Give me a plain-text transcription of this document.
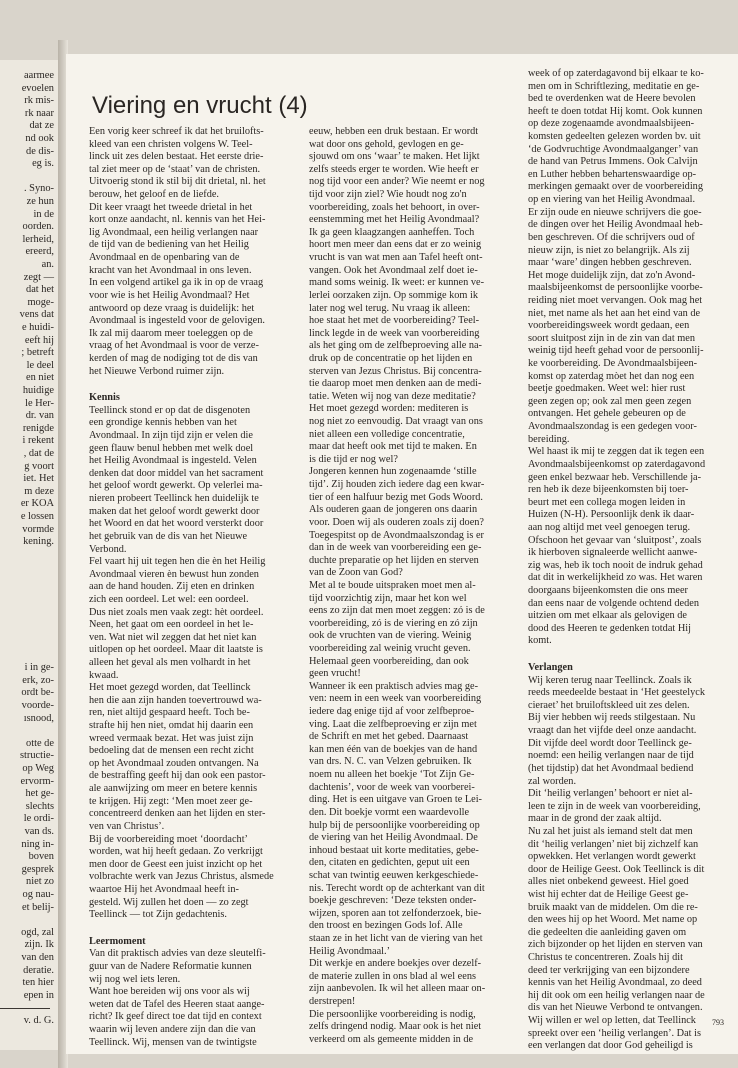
aarmee
evoelen
rk mis-
rk naar
dat ze
nd ook
de dis-
eg is.
. Syno-
ze hun
in de
oorden.
lerheid,
ereerd,
an.
zegt —
dat het
moge-
vens dat
e huidi-
eeft hij
; betreft
le deel
en niet
huidige
le Her-
dr. van
renigde
i rekent
, dat de
g voort
iet. Het
m deze
er KOA
e lossen
vormde
kening.
i in ge-
erk, zo-
ordt be-
voorde-
ısnood,
otte de
structie-
op Weg
ervorm-
het ge-
slechts
le ordi-
van ds.
ning in-
boven
gesprek
niet zo
og nau-
et belij-
ogd, zal
zijn. Ik
van den
deratie.
ten hier
epen in
v. d. G.
Viering en vrucht (4)
Een vorig keer schreef ik dat het bruilofts-
kleed van een christen volgens W. Teel-
linck uit zes delen bestaat. Het eerste drie-
tal ziet meer op de ‘staat’ van de christen.
Uitvoerig stond ik stil bij dit drietal, nl. het
berouw, het geloof en de liefde.
Dit keer vraagt het tweede drietal in het
kort onze aandacht, nl. kennis van het Hei-
lig Avondmaal, een heilig verlangen naar
de tijd van de bediening van het Heilig
Avondmaal en de openbaring van de
kracht van het Avondmaal in ons leven.
In een volgend artikel ga ik in op de vraag
voor wie is het Heilig Avondmaal? Het
antwoord op deze vraag is duidelijk: het
Avondmaal is ingesteld voor de gelovigen.
Ik zal mij daarom meer toeleggen op de
vraag of het Avondmaal is voor de verze-
kerden of mag de nodiging tot de dis van
het Nieuwe Verbond ruimer zijn.
Kennis
Teellinck stond er op dat de disgenoten
een grondige kennis hebben van het
Avondmaal. In zijn tijd zijn er velen die
geen flauw benul hebben met welk doel
het Heilig Avondmaal is ingesteld. Velen
denken dat door middel van het sacrament
het geloof wordt gewerkt. Op velerlei ma-
nieren probeert Teellinck hen duidelijk te
maken dat het geloof wordt gewerkt door
het Woord en dat het woord versterkt door
het gebruik van de dis van het Nieuwe
Verbond.
Fel vaart hij uit tegen hen die èn het Heilig
Avondmaal vieren èn bewust hun zonden
aan de hand houden. Zij eten en drinken
zich een oordeel. Let wel: een oordeel.
Dus niet zoals men vaak zegt: hèt oordeel.
Neen, het gaat om een oordeel in het le-
ven. Wat niet wil zeggen dat het niet kan
uitlopen op het oordeel. Maar dit laatste is
alleen het geval als men volhardt in het
kwaad.
Het moet gezegd worden, dat Teellinck
hen die aan zijn handen toevertrouwd wa-
ren, niet altijd gespaard heeft. Toch be-
strafte hij hen niet, omdat hij daarin een
wreed vermaak bezat. Het was juist zijn
bedoeling dat de mensen een recht zicht
op het Avondmaal zouden ontvangen. Na
de bestraffing geeft hij dan ook een pastor-
ale aanwijzing om meer en betere kennis
te krijgen. Hij zegt: ‘Men moet zeer ge-
concentreerd denken aan het lijden en ster-
ven van Christus’.
Bij de voorbereiding moet ‘doordacht’
worden, wat hij heeft gedaan. Zo verkrijgt
men door de Geest een juist inzicht op het
volbrachte werk van Jezus Christus, alsmede
waartoe Hij het Avondmaal heeft in-
gesteld. Wij zullen het doen — zo zegt
Teellinck — tot Zijn gedachtenis.
Leermoment
Van dit praktisch advies van deze sleutelfi-
guur van de Nadere Reformatie kunnen
wij nog wel iets leren.
Want hoe bereiden wij ons voor als wij
weten dat de Tafel des Heeren staat aange-
richt? Ik geef direct toe dat tijd en context
waarin wij leven andere zijn dan die van
Teellinck. Wij, mensen van de twintigste
eeuw, hebben een druk bestaan. Er wordt
wat door ons gehold, gevlogen en ge-
sjouwd om ons ‘waar’ te maken. Het lijkt
zelfs steeds erger te worden. Wie heeft er
nog tijd voor een ander? Wie neemt er nog
tijd voor zijn ziel? Wie houdt nog zo'n
voorbereiding, zoals het behoort, in over-
eenstemming met het Heilig Avondmaal?
Ik ga geen klaagzangen aanheffen. Toch
hoort men meer dan eens dat er zo weinig
vrucht is van wat men aan Tafel heeft ont-
vangen. Ook het Avondmaal zelf doet ie-
mand soms weinig. Ik weet: er kunnen ve-
lerlei oorzaken zijn. Op sommige kom ik
later nog wel terug. Nu vraag ik alleen:
hoe staat het met de voorbereiding? Teel-
linck legde in de week van voorbereiding
als het ging om de zelfbeproeving alle na-
druk op de concentratie op het lijden en
sterven van Jezus Christus. Bij concentra-
tie daarop moet men denken aan de medi-
tatie. Weten wij nog van deze meditatie?
Het moet gezegd worden: mediteren is
nog niet zo eenvoudig. Dat vraagt van ons
niet alleen een volledige concentratie,
maar dat heeft ook met tijd te maken. En
is die tijd er nog wel?
Jongeren kennen hun zogenaamde ‘stille
tijd’. Zij houden zich iedere dag een kwar-
tier of een halfuur bezig met Gods Woord.
Als ouderen gaan de jongeren ons daarin
voor. Doen wij als ouderen zoals zij doen?
Toegespitst op de Avondmaalszondag is er
dan in de week van voorbereiding een ge-
duchte preparatie op het lijden en sterven
van de Zoon van God?
Met al te boude uitspraken moet men al-
tijd voorzichtig zijn, maar het kon wel
eens zo zijn dat men moet zeggen: zó is de
voorbereiding, zó is de viering en zó zijn
ook de vruchten van de viering. Weinig
voorbereiding zal weinig vrucht geven.
Helemaal geen voorbereiding, dan ook
geen vrucht!
Wanneer ik een praktisch advies mag ge-
ven: neem in een week van voorbereiding
iedere dag enige tijd af voor zelfbeproe-
ving. Laat die zelfbeproeving er zijn met
de Schrift en met het gebed. Daarnaast
kan men één van de boekjes van de hand
van drs. N. C. van Velzen gebruiken. Ik
noem nu alleen het boekje ‘Tot Zijn Ge-
dachtenis’, voor de week van voorberei-
ding. Het is een uitgave van Groen te Lei-
den. Dit boekje vormt een waardevolle
hulp bij de persoonlijke voorbereiding op
de viering van het Heilig Avondmaal. De
inhoud bestaat uit korte meditaties, gebe-
den, citaten en gedichten, geput uit een
schat van twintig eeuwen kerkgeschiede-
nis. Terecht wordt op de achterkant van dit
boekje geschreven: ‘Deze teksten onder-
wijzen, sporen aan tot zelfonderzoek, bie-
den troost en bezingen Gods lof. Alle
staan ze in het licht van de viering van het
Heilig Avondmaal.’
Dit werkje en andere boekjes over dezelf-
de materie zullen in ons blad al wel eens
zijn aanbevolen. Ik wil het alleen maar on-
derstrepen!
Die persoonlijke voorbereiding is nodig,
zelfs dringend nodig. Maar ook is het niet
verkeerd om als gemeente midden in de
week of op zaterdagavond bij elkaar te ko-
men om in Schriftlezing, meditatie en ge-
bed te overdenken wat de Heere bevolen
heeft te doen totdat Hij komt. Ook kunnen
op deze zogenaamde avondmaalsbijeen-
komsten gedeelten gelezen worden bv. uit
‘de Godvruchtige Avondmaalganger’ van
de hand van Petrus Immens. Ook Calvijn
en Luther hebben behartenswaardige op-
merkingen gemaakt over de voorbereiding
op en viering van het Heilig Avondmaal.
Er zijn oude en nieuwe schrijvers die goe-
de dingen over het Heilig Avondmaal heb-
ben geschreven. Of die schrijvers oud of
nieuw zijn, is niet zo belangrijk. Als zij
maar ‘ware’ dingen hebben geschreven.
Het moge duidelijk zijn, dat zo'n Avond-
maalsbijeenkomst de persoonlijke voorbe-
reiding niet moet vervangen. Ook mag het
niet, met name als het aan het eind van de
voorbereidingsweek wordt gedaan, een
soort sluitpost zijn in de zin van dat men
weinig tijd heeft gehad voor de persoonlij-
ke voorbereiding. De Avondmaalsbijeen-
komst op zaterdag mòet het dan nog een
beetje goedmaken. Weet wel: hier rust
geen zegen op; ook zal men geen zegen
ontvangen. Het gehele gebeuren op de
Avondmaalszondag is een gedegen voor-
bereiding.
Wel haast ik mij te zeggen dat ik tegen een
Avondmaalsbijeenkomst op zaterdagavond
geen enkel bezwaar heb. Verschillende ja-
ren heb ik deze bijeenkomsten bij toer-
beurt met een collega mogen leiden in
Huizen (N-H). Persoonlijk denk ik daar-
aan nog altijd met veel genoegen terug.
Ofschoon het gevaar van ‘sluitpost’, zoals
ik hierboven signaleerde wellicht aanwe-
zig was, heb ik toch nooit de indruk gehad
dat dit in werkelijkheid zo was. Het waren
doorgaans bijeenkomsten die ons meer
dan eens naar de volgende ochtend deden
uitzien om met elkaar als gelovigen de
dood des Heeren te gedenken totdat Hij
komt.
Verlangen
Wij keren terug naar Teellinck. Zoals ik
reeds meedeelde bestaat in ‘Het geestelyck
cieraet’ het bruiloftskleed uit zes delen.
Bij vier hebben wij reeds stilgestaan. Nu
vraagt dan het vijfde deel onze aandacht.
Dit vijfde deel wordt door Teellinck ge-
noemd: een heilig verlangen naar de tijd
(het tijdstip) dat het Avondmaal bediend
zal worden.
Dit ‘heilig verlangen’ behoort er niet al-
leen te zijn in de week van voorbereiding,
maar in de grond der zaak altijd.
Nu zal het juist als iemand stelt dat men
dit ‘heilig verlangen’ niet bij zichzelf kan
opwekken. Het verlangen wordt gewerkt
door de Heilige Geest. Ook Teellinck is dit
alles niet onbekend geweest. Hiel goed
wist hij echter dat de Heilige Geest ge-
bruik maakt van de middelen. Om die re-
den wees hij op het Woord. Met name op
die gedeelten die aanleiding gaven om
zich bijzonder op het lijden en sterven van
Christus te concentreren. Zoals hij dit
deed ter verkrijging van een bijzondere
kennis van het Heilig Avondmaal, zo deed
hij dit ook om een heilig verlangen naar de
dis van het Nieuwe Verbond te ontvangen.
Wij willen er wel op letten, dat Teellinck
spreekt over een ‘heilig verlangen’. Dat is
een verlangen dat door God geheiligd is
793
